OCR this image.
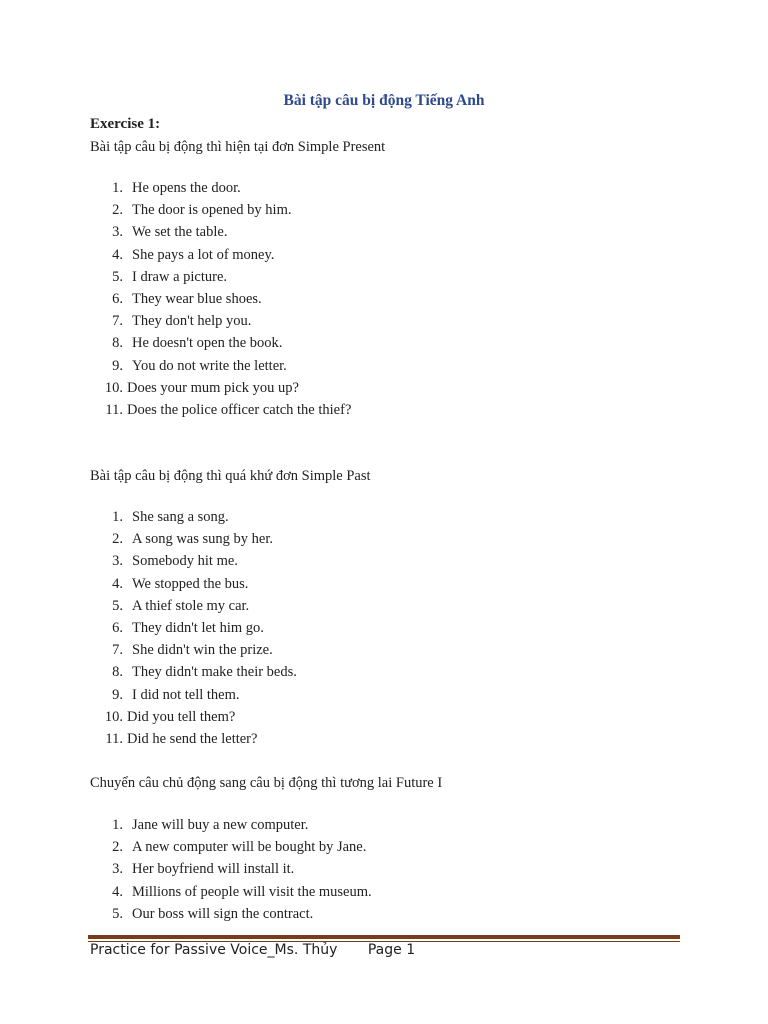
Bài tập câu bị động Tiếng Anh
Exercise 1:
Bài tập câu bị động thì hiện tại đơn Simple Present
1. He opens the door.
2. The door is opened by him.
3. We set the table.
4. She pays a lot of money.
5. I draw a picture.
6. They wear blue shoes.
7. They don't help you.
8. He doesn't open the book.
9. You do not write the letter.
10. Does your mum pick you up?
11. Does the police officer catch the thief?
Bài tập câu bị động thì quá khứ đơn Simple Past
1. She sang a song.
2. A song was sung by her.
3. Somebody hit me.
4. We stopped the bus.
5. A thief stole my car.
6. They didn't let him go.
7. She didn't win the prize.
8. They didn't make their beds.
9. I did not tell them.
10. Did you tell them?
11. Did he send the letter?
Chuyển câu chủ động sang câu bị động thì tương lai Future I
1. Jane will buy a new computer.
2. A new computer will be bought by Jane.
3. Her boyfriend will install it.
4. Millions of people will visit the museum.
5. Our boss will sign the contract.
Practice for Passive Voice_Ms. Thủy Page 1
